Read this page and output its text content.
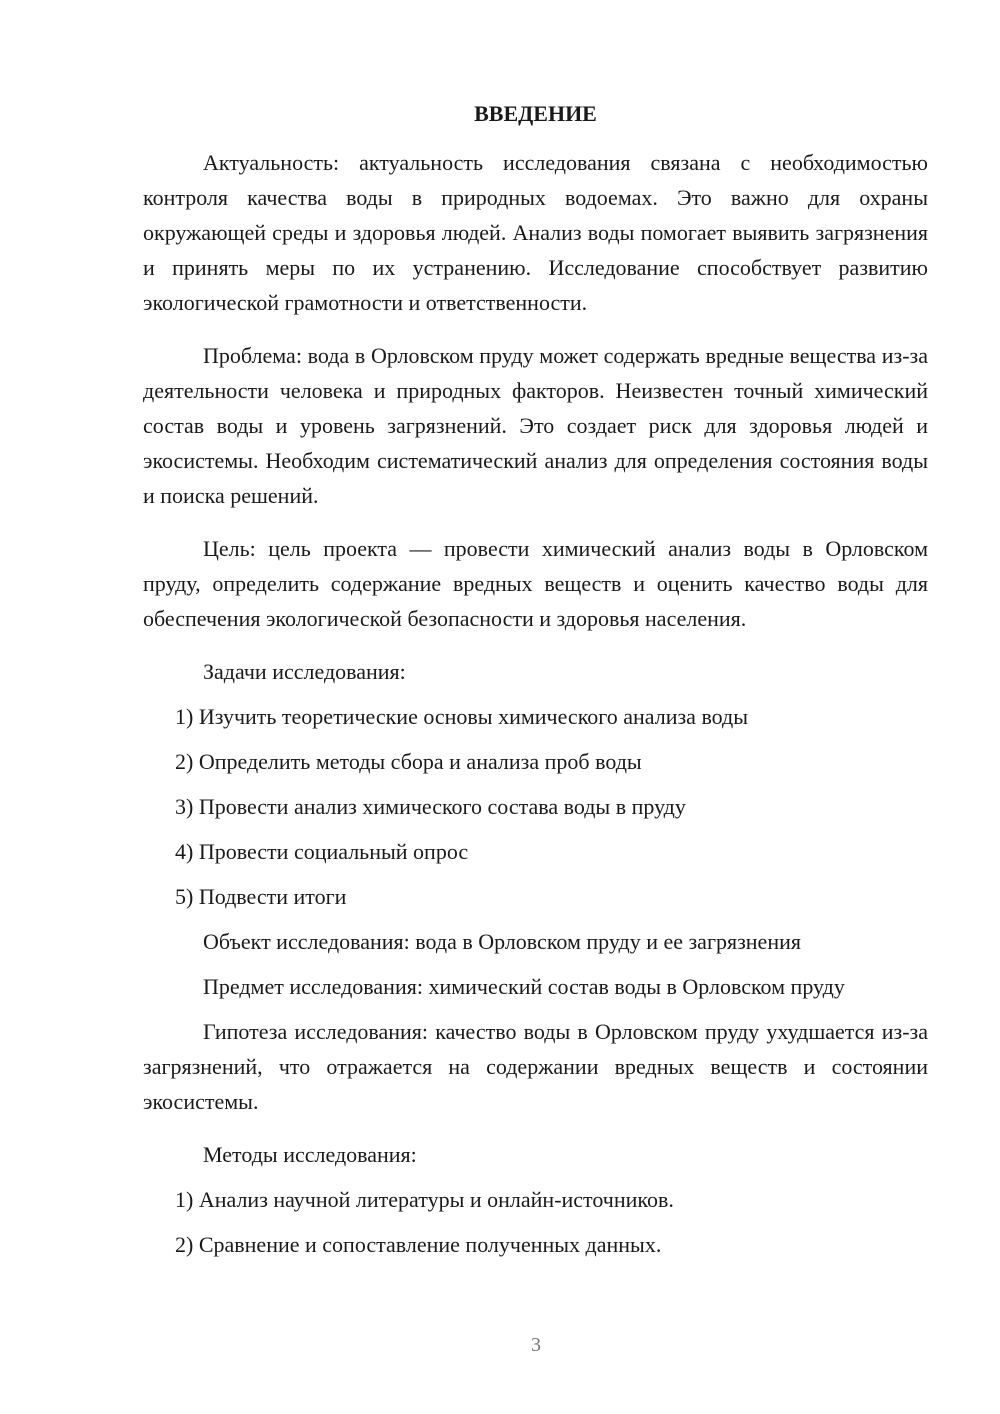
ВВЕДЕНИЕ

Актуальность: актуальность исследования связана с необходимостью контроля качества воды в природных водоемах. Это важно для охраны окружающей среды и здоровья людей. Анализ воды помогает выявить загрязнения и принять меры по их устранению. Исследование способствует развитию экологической грамотности и ответственности.

Проблема: вода в Орловском пруду может содержать вредные вещества из-за деятельности человека и природных факторов. Неизвестен точный химический состав воды и уровень загрязнений. Это создает риск для здоровья людей и экосистемы. Необходим систематический анализ для определения состояния воды и поиска решений.

Цель: цель проекта — провести химический анализ воды в Орловском пруду, определить содержание вредных веществ и оценить качество воды для обеспечения экологической безопасности и здоровья населения.

Задачи исследования:

1) Изучить теоретические основы химического анализа воды
2) Определить методы сбора и анализа проб воды
3) Провести анализ химического состава воды в пруду
4) Провести социальный опрос
5) Подвести итоги

Объект исследования: вода в Орловском пруду и ее загрязнения

Предмет исследования: химический состав воды в Орловском пруду

Гипотеза исследования: качество воды в Орловском пруду ухудшается из-за загрязнений, что отражается на содержании вредных веществ и состоянии экосистемы.

Методы исследования:

1) Анализ научной литературы и онлайн-источников.
2) Сравнение и сопоставление полученных данных.
3
